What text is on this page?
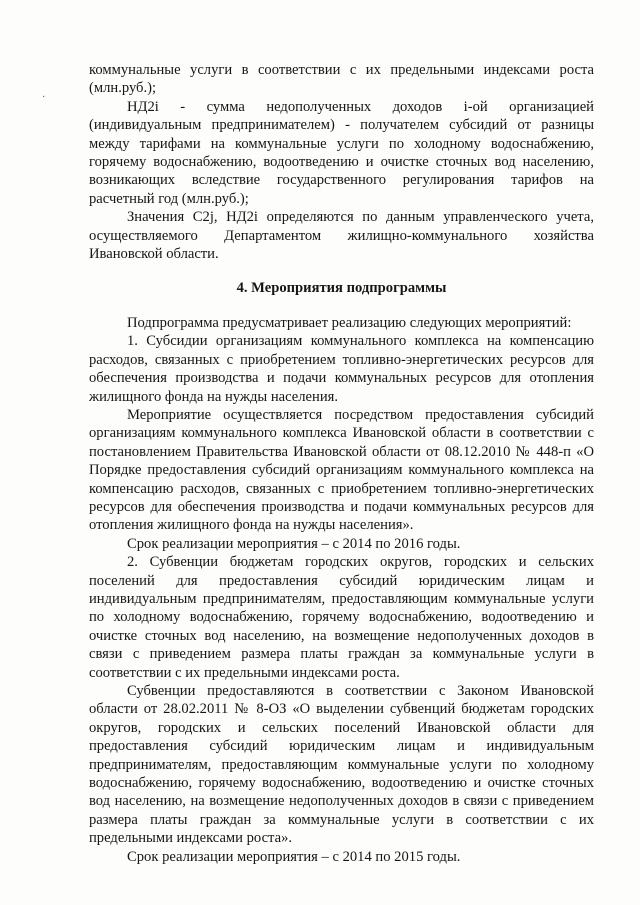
·

коммунальные услуги в соответствии с их предельными индексами роста (млн.руб.);

НД2i - сумма недополученных доходов i-ой организацией (индивидуальным предпринимателем) - получателем субсидий от разницы между тарифами на коммунальные услуги по холодному водоснабжению, горячему водоснабжению, водоотведению и очистке сточных вод населению, возникающих вследствие государственного регулирования тарифов на расчетный год (млн.руб.);

Значения С2j, НД2i определяются по данным управленческого учета, осуществляемого Департаментом жилищно-коммунального хозяйства Ивановской области.

4. Мероприятия подпрограммы

Подпрограмма предусматривает реализацию следующих мероприятий:

1. Субсидии организациям коммунального комплекса на компенсацию расходов, связанных с приобретением топливно-энергетических ресурсов для обеспечения производства и подачи коммунальных ресурсов для отопления жилищного фонда на нужды населения.

Мероприятие осуществляется посредством предоставления субсидий организациям коммунального комплекса Ивановской области в соответствии с постановлением Правительства Ивановской области от 08.12.2010 № 448-п «О Порядке предоставления субсидий организациям коммунального комплекса на компенсацию расходов, связанных с приобретением топливно-энергетических ресурсов для обеспечения производства и подачи коммунальных ресурсов для отопления жилищного фонда на нужды населения».

Срок реализации мероприятия – с 2014 по 2016 годы.

2. Субвенции бюджетам городских округов, городских и сельских поселений для предоставления субсидий юридическим лицам и индивидуальным предпринимателям, предоставляющим коммунальные услуги по холодному водоснабжению, горячему водоснабжению, водоотведению и очистке сточных вод населению, на возмещение недополученных доходов в связи с приведением размера платы граждан за коммунальные услуги в соответствии с их предельными индексами роста.

Субвенции предоставляются в соответствии с Законом Ивановской области от 28.02.2011 № 8-ОЗ «О выделении субвенций бюджетам городских округов, городских и сельских поселений Ивановской области для предоставления субсидий юридическим лицам и индивидуальным предпринимателям, предоставляющим коммунальные услуги по холодному водоснабжению, горячему водоснабжению, водоотведению и очистке сточных вод населению, на возмещение недополученных доходов в связи с приведением размера платы граждан за коммунальные услуги в соответствии с их предельными индексами роста».

Срок реализации мероприятия – с 2014 по 2015 годы.
